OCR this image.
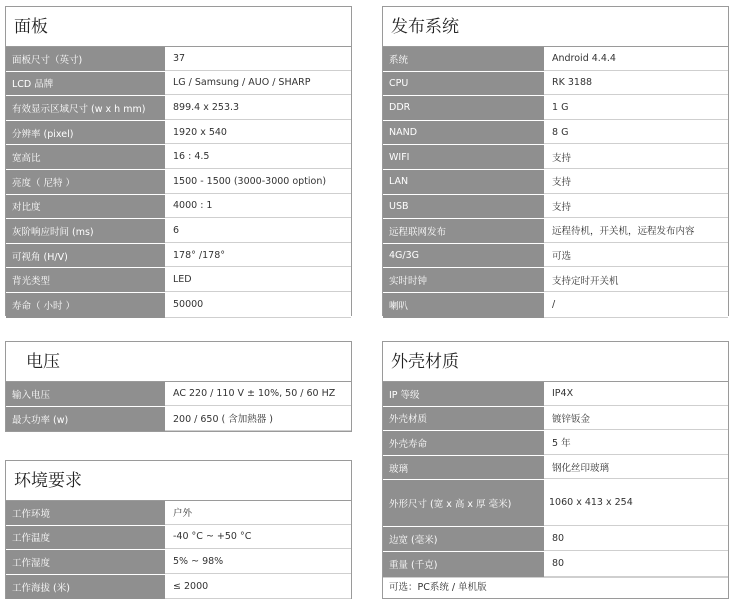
面板
面板尺寸（英寸)	37
LCD 品牌	LG / Samsung / AUO / SHARP
有效显示区域尺寸 (w x h mm)	899.4 x 253.3
分辨率 (pixel)	1920 x 540
宽高比	16 : 4.5
亮度（ 尼特 ）	1500 - 1500 (3000-3000 option)
对比度	4000 : 1
灰阶响应时间 (ms)	6
可视角 (H/V)	178° /178°
背光类型	LED
寿命（ 小时 ）	50000
发布系统
系统	Android 4.4.4
CPU	RK 3188
DDR	1 G
NAND	8 G
WIFI	支持
LAN	支持
USB	支持
远程联网发布	远程待机，开关机，远程发布内容
4G/3G	可选
实时时钟	支持定时开关机
喇叭	/
电压
输入电压	AC 220 / 110 V ± 10%, 50 / 60 HZ
最大功率 (w)	200 / 650 ( 含加熱器 )
环境要求
工作环境	户外
工作温度	-40 °C ~ +50 °C
工作湿度	5% ~ 98%
工作海拔 (米)	≤ 2000
外壳材质
IP 等级	IP4X
外壳材质	镀锌钣金
外壳寿命	5 年
玻璃	钢化丝印玻璃
外形尺寸 (宽 x 高 x 厚 毫米)	1060 x 413 x 254
边宽 (毫米)	80
重量 (千克)	80
可选：PC系统 / 单机版
